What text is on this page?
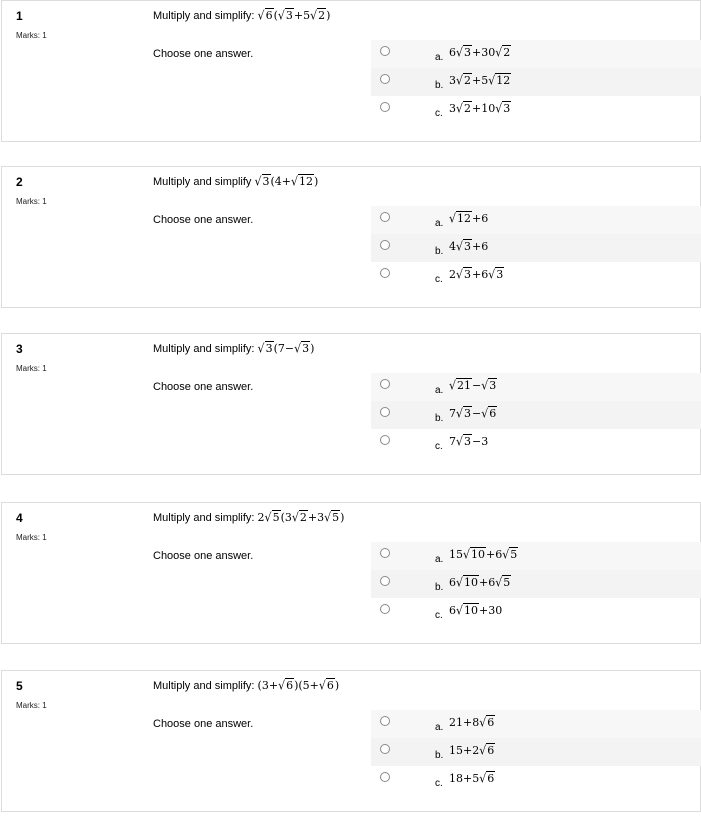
1
Marks: 1
Multiply and simplify: √6(√3+5√2)
Choose one answer.	a. 6√3+30√2
b. 3√2+5√12
c. 3√2+10√3
2
Marks: 1
Multiply and simplify √3(4+√12)
Choose one answer.	a. √12+6
b. 4√3+6
c. 2√3+6√3
3
Marks: 1
Multiply and simplify: √3(7−√3)
Choose one answer.	a. √21−√3
b. 7√3−√6
c. 7√3−3
4
Marks: 1
Multiply and simplify: 2√5(3√2+3√5)
Choose one answer.	a. 15√10+6√5
b. 6√10+6√5
c. 6√10+30
5
Marks: 1
Multiply and simplify: (3+√6)(5+√6)
Choose one answer.	a. 21+8√6
b. 15+2√6
c. 18+5√6
